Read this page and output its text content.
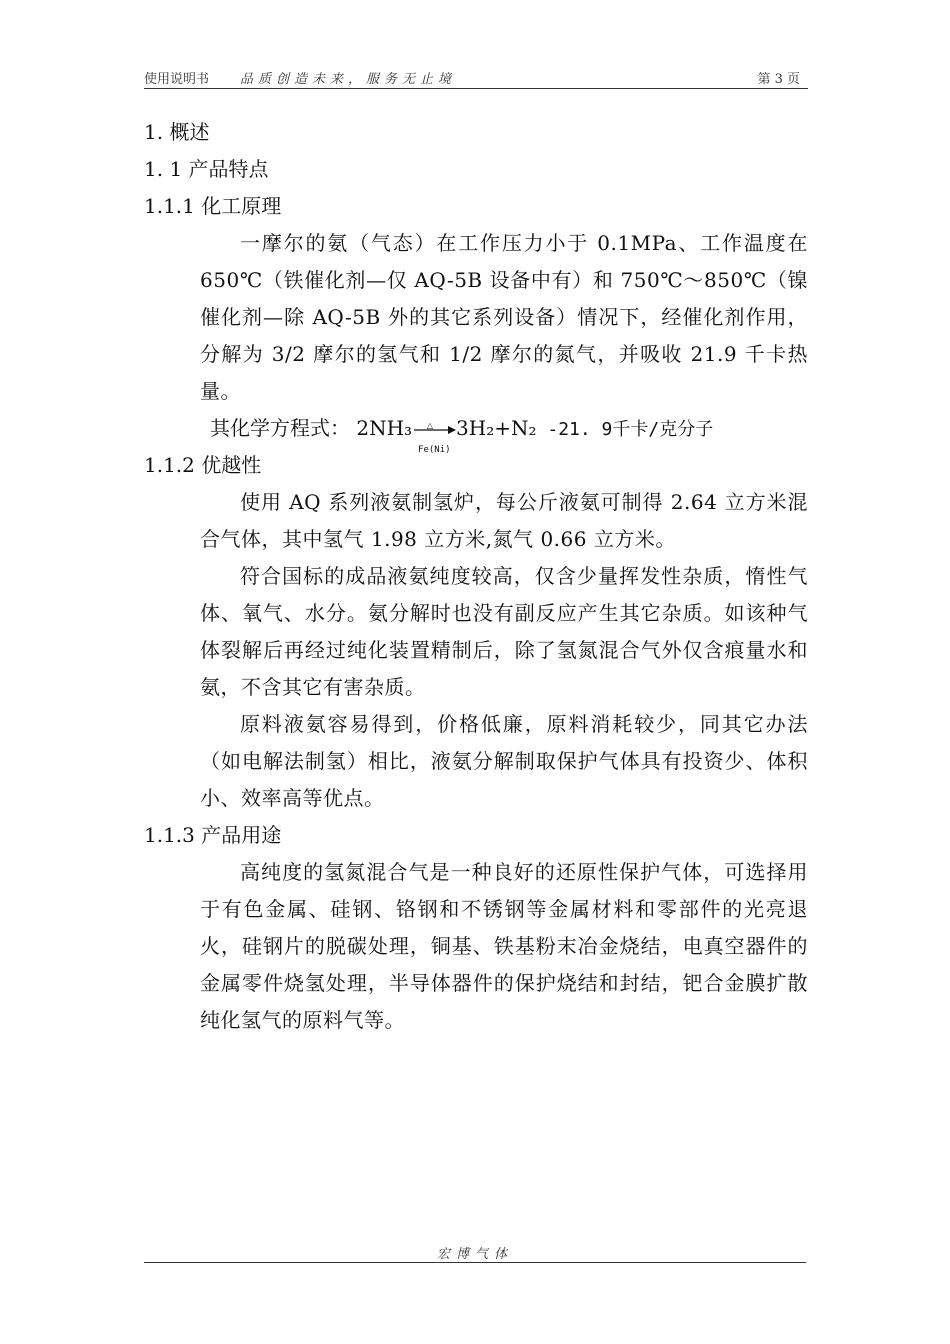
使用说明书 品质创造未来，服务无止境	第 3 页
1. 概述
1. 1 产品特点
1.1.1 化工原理

一摩尔的氨（气态）在工作压力小于 0.1MPa、工作温度在 650℃（铁催化剂—仅 AQ-5B 设备中有）和 750℃～850℃（镍催化剂—除 AQ-5B 外的其它系列设备）情况下，经催化剂作用，分解为 3/2 摩尔的氢气和 1/2 摩尔的氮气，并吸收 21.9 千卡热量。

其化学方程式： 2NH₃ △
Fe(Ni)
3H₂+N₂ -21. 9千卡/克分子
1.1.2 优越性

使用 AQ 系列液氨制氢炉，每公斤液氨可制得 2.64 立方米混合气体，其中氢气 1.98 立方米,氮气 0.66 立方米。

符合国标的成品液氨纯度较高，仅含少量挥发性杂质，惰性气体、氧气、水分。氨分解时也没有副反应产生其它杂质。如该种气体裂解后再经过纯化装置精制后，除了氢氮混合气外仅含痕量水和氨，不含其它有害杂质。

原料液氨容易得到，价格低廉，原料消耗较少，同其它办法（如电解法制氢）相比，液氨分解制取保护气体具有投资少、体积小、效率高等优点。

1.1.3 产品用途

高纯度的氢氮混合气是一种良好的还原性保护气体，可选择用于有色金属、硅钢、铬钢和不锈钢等金属材料和零部件的光亮退火，硅钢片的脱碳处理，铜基、铁基粉末冶金烧结，电真空器件的金属零件烧氢处理，半导体器件的保护烧结和封结，钯合金膜扩散纯化氢气的原料气等。

宏博气体
